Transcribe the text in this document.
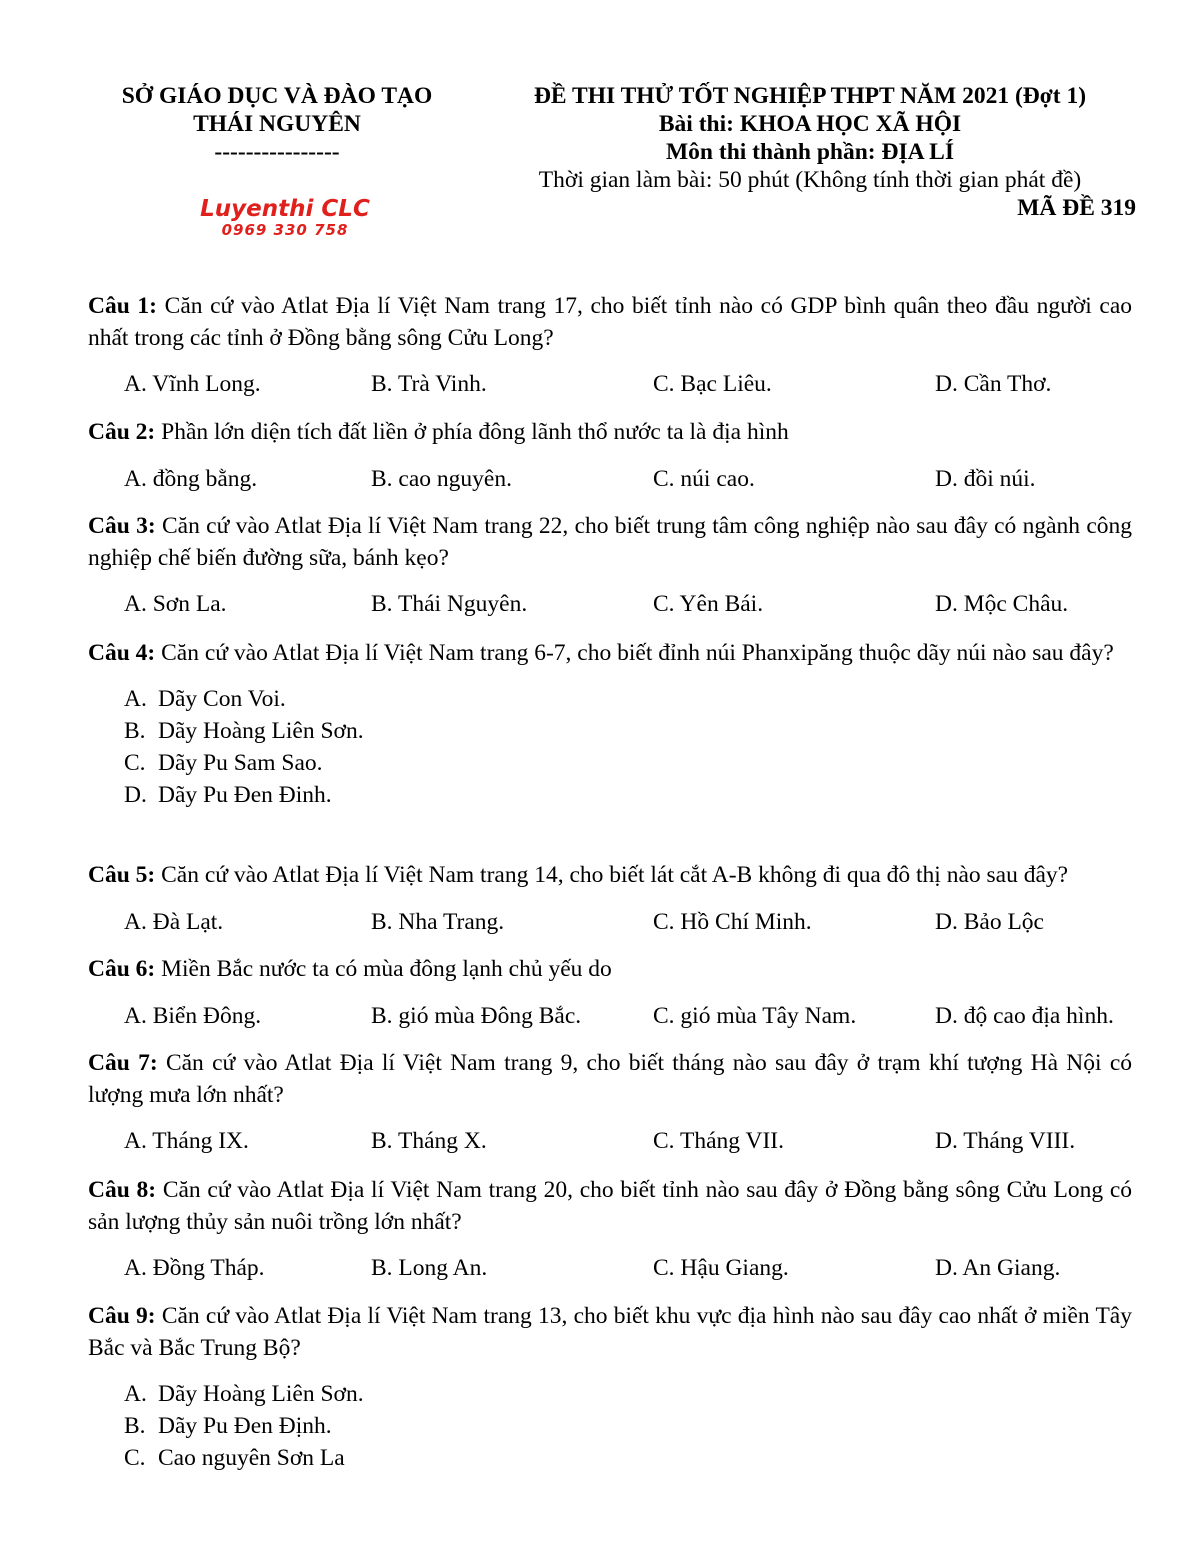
SỞ GIÁO DỤC VÀ ĐÀO TẠO
THÁI NGUYÊN
----------------
ĐỀ THI THỬ TỐT NGHIỆP THPT NĂM 2021 (Đợt 1)
Bài thi: KHOA HỌC XÃ HỘI
Môn thi thành phần: ĐỊA LÍ
Thời gian làm bài: 50 phút (Không tính thời gian phát đề)
MÃ ĐỀ 319
Luyenthi CLC
0969 330 758
Câu 1: Căn cứ vào Atlat Địa lí Việt Nam trang 17, cho biết tỉnh nào có GDP bình quân theo đầu người cao nhất trong các tỉnh ở Đồng bằng sông Cửu Long?
A. Vĩnh Long.	B. Trà Vinh.	C. Bạc Liêu.	D. Cần Thơ.
Câu 2: Phần lớn diện tích đất liền ở phía đông lãnh thổ nước ta là địa hình
A. đồng bằng.	B. cao nguyên.	C. núi cao.	D. đồi núi.
Câu 3: Căn cứ vào Atlat Địa lí Việt Nam trang 22, cho biết trung tâm công nghiệp nào sau đây có ngành công nghiệp chế biến đường sữa, bánh kẹo?
A. Sơn La.	B. Thái Nguyên.	C. Yên Bái.	D. Mộc Châu.
Câu 4: Căn cứ vào Atlat Địa lí Việt Nam trang 6-7, cho biết đỉnh núi Phanxipăng thuộc dãy núi nào sau đây?
A. Dãy Con Voi.
B. Dãy Hoàng Liên Sơn.
C. Dãy Pu Sam Sao.
D. Dãy Pu Đen Đinh.
Câu 5: Căn cứ vào Atlat Địa lí Việt Nam trang 14, cho biết lát cắt A-B không đi qua đô thị nào sau đây?
A. Đà Lạt.	B. Nha Trang.	C. Hồ Chí Minh.	D. Bảo Lộc
Câu 6: Miền Bắc nước ta có mùa đông lạnh chủ yếu do
A. Biển Đông.	B. gió mùa Đông Bắc.	C. gió mùa Tây Nam.	D. độ cao địa hình.
Câu 7: Căn cứ vào Atlat Địa lí Việt Nam trang 9, cho biết tháng nào sau đây ở trạm khí tượng Hà Nội có lượng mưa lớn nhất?
A. Tháng IX.	B. Tháng X.	C. Tháng VII.	D. Tháng VIII.
Câu 8: Căn cứ vào Atlat Địa lí Việt Nam trang 20, cho biết tỉnh nào sau đây ở Đồng bằng sông Cửu Long có sản lượng thủy sản nuôi trồng lớn nhất?
A. Đồng Tháp.	B. Long An.	C. Hậu Giang.	D. An Giang.
Câu 9: Căn cứ vào Atlat Địa lí Việt Nam trang 13, cho biết khu vực địa hình nào sau đây cao nhất ở miền Tây Bắc và Bắc Trung Bộ?
A. Dãy Hoàng Liên Sơn.
B. Dãy Pu Đen Định.
C. Cao nguyên Sơn La
